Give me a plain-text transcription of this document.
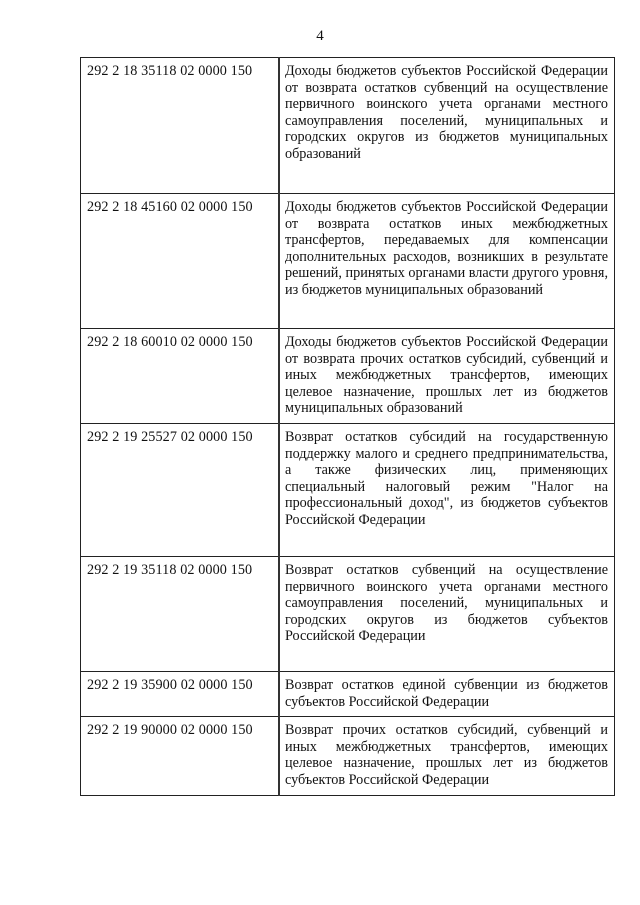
4
292 2 18 35118 02 0000 150	Доходы бюджетов субъектов Российской Федерации от возврата остатков субвенций на осуществление первичного воинского учета органами местного самоуправления поселений, муниципальных и городских округов из бюджетов муниципальных образований
292 2 18 45160 02 0000 150	Доходы бюджетов субъектов Российской Федерации от возврата остатков иных межбюджетных трансфертов, передаваемых для компенсации дополнительных расходов, возникших в результате решений, принятых органами власти другого уровня, из бюджетов муниципальных образований
292 2 18 60010 02 0000 150	Доходы бюджетов субъектов Российской Федерации от возврата прочих остатков субсидий, субвенций и иных межбюджетных трансфертов, имеющих целевое назначение, прошлых лет из бюджетов муниципальных образований
292 2 19 25527 02 0000 150	Возврат остатков субсидий на государственную поддержку малого и среднего предпринимательства, а также физических лиц, применяющих специальный налоговый режим "Налог на профессиональный доход", из бюджетов субъектов Российской Федерации
292 2 19 35118 02 0000 150	Возврат остатков субвенций на осуществление первичного воинского учета органами местного самоуправления поселений, муниципальных и городских округов из бюджетов субъектов Российской Федерации
292 2 19 35900 02 0000 150	Возврат остатков единой субвенции из бюджетов субъектов Российской Федерации
292 2 19 90000 02 0000 150	Возврат прочих остатков субсидий, субвенций и иных межбюджетных трансфертов, имеющих целевое назначение, прошлых лет из бюджетов субъектов Российской Федерации
